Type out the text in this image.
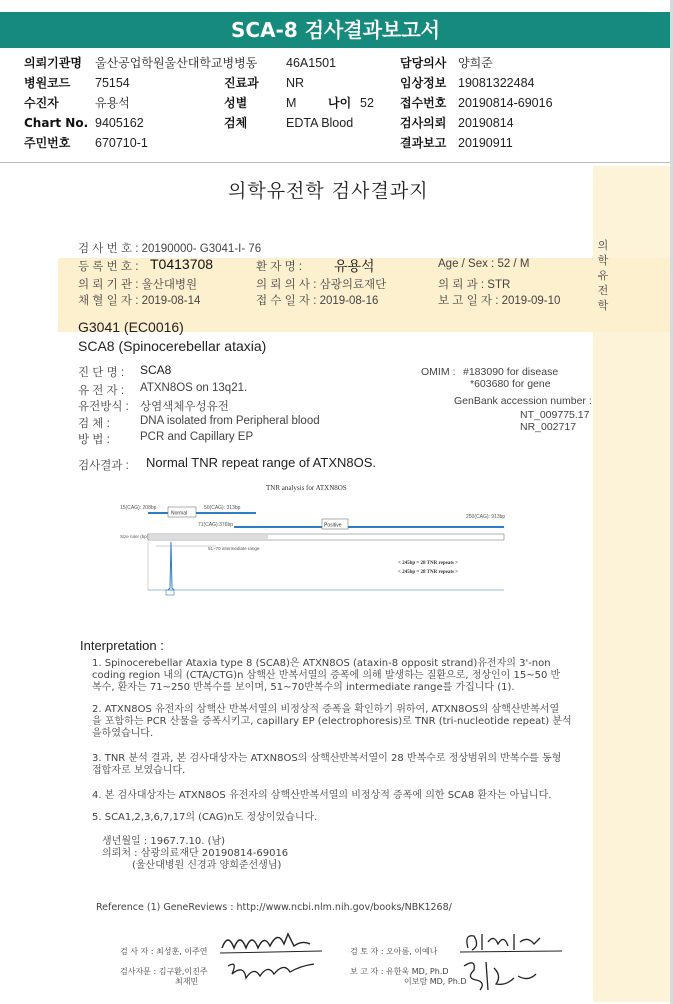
SCA-8 검사결과보고서
의뢰기관명 울산공업학원울산대학교병병동 46A1501	담당의사 양희준
병원코드 75154	진료과 NR	임상정보 19081322484
수진자	유용석	성별	M	나이 52 접수번호 20190814-69016
Chart No. 9405162	검체	EDTA Blood	검사의뢰 20190814
주민번호 670710-1	결과보고 20190911
의학유전학 검사결과지
의학유전학
검 사 번 호 : 20190000- G3041-I- 76
등 록 번 호 : T0413708	환 자 명 : 유용석	Age / Sex : 52 / M
의 뢰 기 관 : 울산대병원	의 뢰 의 사 : 삼광의료재단	의 뢰 과 : STR
채 혈 일 자 : 2019-08-14	접 수 일 자 : 2019-08-16	보 고 일 자 : 2019-09-10
G3041 (EC0016)
SCA8 (Spinocerebellar ataxia)
진 단 명 : SCA8
유 전 자 : ATXN8OS on 13q21.
유전방식 : 상염색체우성유전
검 체 :	DNA isolated from Peripheral blood
방 법 :	PCR and Capillary EP
OMIM : #183090 for disease
*603680 for gene
GenBank accession number :
NT_009775.17
NR_002717
검사결과 : Normal TNR repeat range of ATXN8OS.
TNR analysis for ATXN8OS
15(CAG): 208bp
Normal
50(CAG): 313bp
71(CAG):376bp	Positive
250(CAG): 913bp
Size ruler (bp)
51~70 intermediate range
< 245bp = 28 TNR repeats >
< 245bp = 28 TNR repeats >
Interpretation :

1. Spinocerebellar Ataxia type 8 (SCA8)은 ATXN8OS (ataxin-8 opposit strand)유전자의 3'-non

coding region 내의 (CTA/CTG)n 삼핵산 반복서열의 증폭에 의해 발생하는 질환으로, 정상인이 15~50 반

복수, 환자는 71~250 반복수를 보이며, 51~70반복수의 intermediate range를 가집니다 (1).

2. ATXN8OS 유전자의 삼핵산 반복서열의 비정상적 증폭을 확인하기 위하여, ATXN8OS의 삼핵산반복서열

을 포함하는 PCR 산물을 증폭시키고, capillary EP (electrophoresis)로 TNR (tri-nucleotide repeat) 분석

을하였습니다.

3. TNR 분석 결과, 본 검사대상자는 ATXN8OS의 삼핵산반복서열이 28 반복수로 정상범위의 반복수를 동형

접합자로 보였습니다.

4. 본 검사대상자는 ATXN8OS 유전자의 삼핵산반복서열의 비정상적 증폭에 의한 SCA8 환자는 아닙니다.

5. SCA1,2,3,6,7,17의 (CAG)n도 정상이었습니다.

생년월일 : 1967.7.10. (남)

의뢰처 : 삼광의료재단 20190814-69016

(울산대병원 신경과 양희준선생님)

Reference (1) GeneReviews : http://www.ncbi.nlm.nih.gov/books/NBK1268/

검 사 자 : 최성훈, 이주연	검 토 자 : 오아름, 이예나
검사자문 : 김구환,이진주
최재민
보 고 자 : 유한욱 MD, Ph.D
이보람 MD, Ph.D
